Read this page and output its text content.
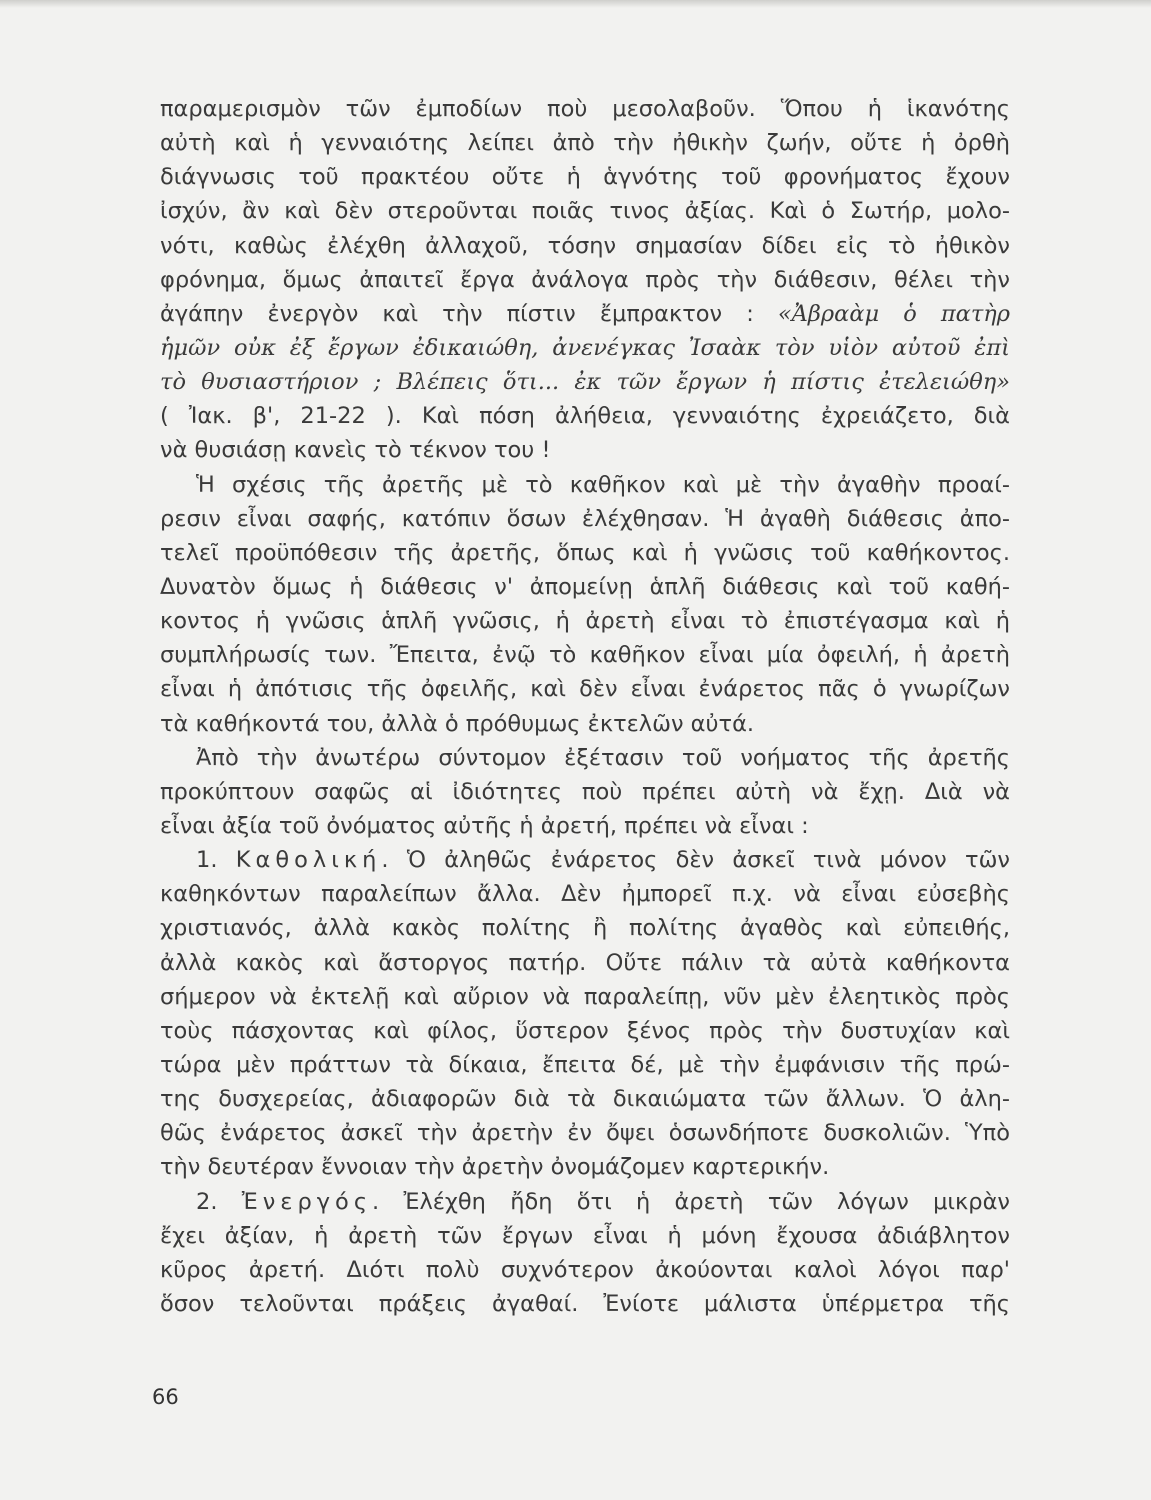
παραμερισμὸν τῶν ἐμποδίων ποὺ μεσολαβοῦν. Ὅπου ἡ ἱκανότης
αὐτὴ καὶ ἡ γενναιότης λείπει ἀπὸ τὴν ἠθικὴν ζωήν, οὔτε ἡ ὀρθὴ
διάγνωσις τοῦ πρακτέου οὔτε ἡ ἁγνότης τοῦ φρονήματος ἔχουν
ἰσχύν, ἂν καὶ δὲν στεροῦνται ποιᾶς τινος ἀξίας. Καὶ ὁ Σωτήρ, μολο-
νότι, καθὼς ἐλέχθη ἀλλαχοῦ, τόσην σημασίαν δίδει εἰς τὸ ἠθικὸν
φρόνημα, ὅμως ἀπαιτεῖ ἔργα ἀνάλογα πρὸς τὴν διάθεσιν, θέλει τὴν
ἀγάπην ἐνεργὸν καὶ τὴν πίστιν ἔμπρακτον : «Ἀβραὰμ ὁ πατὴρ
ἡμῶν οὐκ ἐξ ἔργων ἐδικαιώθη, ἀνενέγκας Ἰσαὰκ τὸν υἱὸν αὐτοῦ ἐπὶ
τὸ θυσιαστήριον ; Βλέπεις ὅτι... ἐκ τῶν ἔργων ἡ πίστις ἐτελειώθη»
( Ἰακ. β', 21-22 ). Καὶ πόση ἀλήθεια, γενναιότης ἐχρειάζετο, διὰ
νὰ θυσιάσῃ κανεὶς τὸ τέκνον του !
Ἡ σχέσις τῆς ἀρετῆς μὲ τὸ καθῆκον καὶ μὲ τὴν ἀγαθὴν προαί-
ρεσιν εἶναι σαφής, κατόπιν ὅσων ἐλέχθησαν. Ἡ ἀγαθὴ διάθεσις ἀπο-
τελεῖ προϋπόθεσιν τῆς ἀρετῆς, ὅπως καὶ ἡ γνῶσις τοῦ καθήκοντος.
Δυνατὸν ὅμως ἡ διάθεσις ν' ἀπομείνῃ ἁπλῆ διάθεσις καὶ τοῦ καθή-
κοντος ἡ γνῶσις ἁπλῆ γνῶσις, ἡ ἀρετὴ εἶναι τὸ ἐπιστέγασμα καὶ ἡ
συμπλήρωσίς των. Ἔπειτα, ἐνῷ τὸ καθῆκον εἶναι μία ὀφειλή, ἡ ἀρετὴ
εἶναι ἡ ἀπότισις τῆς ὀφειλῆς, καὶ δὲν εἶναι ἐνάρετος πᾶς ὁ γνωρίζων
τὰ καθήκοντά του, ἀλλὰ ὁ πρόθυμως ἐκτελῶν αὐτά.
Ἀπὸ τὴν ἀνωτέρω σύντομον ἐξέτασιν τοῦ νοήματος τῆς ἀρετῆς
προκύπτουν σαφῶς αἱ ἰδιότητες ποὺ πρέπει αὐτὴ νὰ ἔχῃ. Διὰ νὰ
εἶναι ἀξία τοῦ ὀνόματος αὐτῆς ἡ ἀρετή, πρέπει νὰ εἶναι :
1. Καθολική. Ὁ ἀληθῶς ἐνάρετος δὲν ἀσκεῖ τινὰ μόνον τῶν
καθηκόντων παραλείπων ἄλλα. Δὲν ἠμπορεῖ π.χ. νὰ εἶναι εὐσεβὴς
χριστιανός, ἀλλὰ κακὸς πολίτης ἢ πολίτης ἀγαθὸς καὶ εὐπειθής,
ἀλλὰ κακὸς καὶ ἄστοργος πατήρ. Οὔτε πάλιν τὰ αὐτὰ καθήκοντα
σήμερον νὰ ἐκτελῇ καὶ αὔριον νὰ παραλείπῃ, νῦν μὲν ἐλεητικὸς πρὸς
τοὺς πάσχοντας καὶ φίλος, ὕστερον ξένος πρὸς τὴν δυστυχίαν καὶ
τώρα μὲν πράττων τὰ δίκαια, ἔπειτα δέ, μὲ τὴν ἐμφάνισιν τῆς πρώ-
της δυσχερείας, ἀδιαφορῶν διὰ τὰ δικαιώματα τῶν ἄλλων. Ὁ ἀλη-
θῶς ἐνάρετος ἀσκεῖ τὴν ἀρετὴν ἐν ὄψει ὁσωνδήποτε δυσκολιῶν. Ὑπὸ
τὴν δευτέραν ἔννοιαν τὴν ἀρετὴν ὀνομάζομεν καρτερικήν.
2. Ἐνεργός. Ἐλέχθη ἤδη ὅτι ἡ ἀρετὴ τῶν λόγων μικρὰν
ἔχει ἀξίαν, ἡ ἀρετὴ τῶν ἔργων εἶναι ἡ μόνη ἔχουσα ἀδιάβλητον
κῦρος ἀρετή. Διότι πολὺ συχνότερον ἀκούονται καλοὶ λόγοι παρ'
ὅσον τελοῦνται πράξεις ἀγαθαί. Ἐνίοτε μάλιστα ὑπέρμετρα τῆς
66
